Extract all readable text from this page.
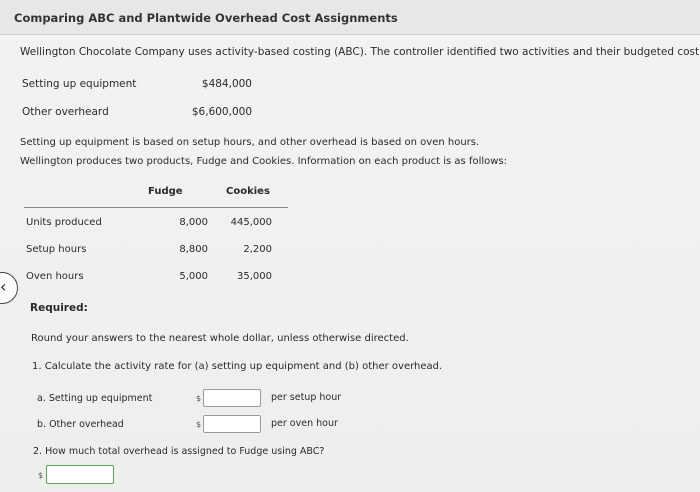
Comparing ABC and Plantwide Overhead Cost Assignments
Wellington Chocolate Company uses activity-based costing (ABC). The controller identified two activities and their budgeted cost
Setting up equipment	$484,000
Other overheard	$6,600,000
Setting up equipment is based on setup hours, and other overhead is based on oven hours.
Wellington produces two products, Fudge and Cookies. Information on each product is as follows:
Fudge	Cookies
Units produced	8,000	445,000
Setup hours	8,800	2,200
Oven hours	5,000	35,000
‹
Required:
Round your answers to the nearest whole dollar, unless otherwise directed.
1. Calculate the activity rate for (a) setting up equipment and (b) other overhead.
a. Setting up equipment	$	per setup hour
b. Other overhead	$	per oven hour
2. How much total overhead is assigned to Fudge using ABC?
$
